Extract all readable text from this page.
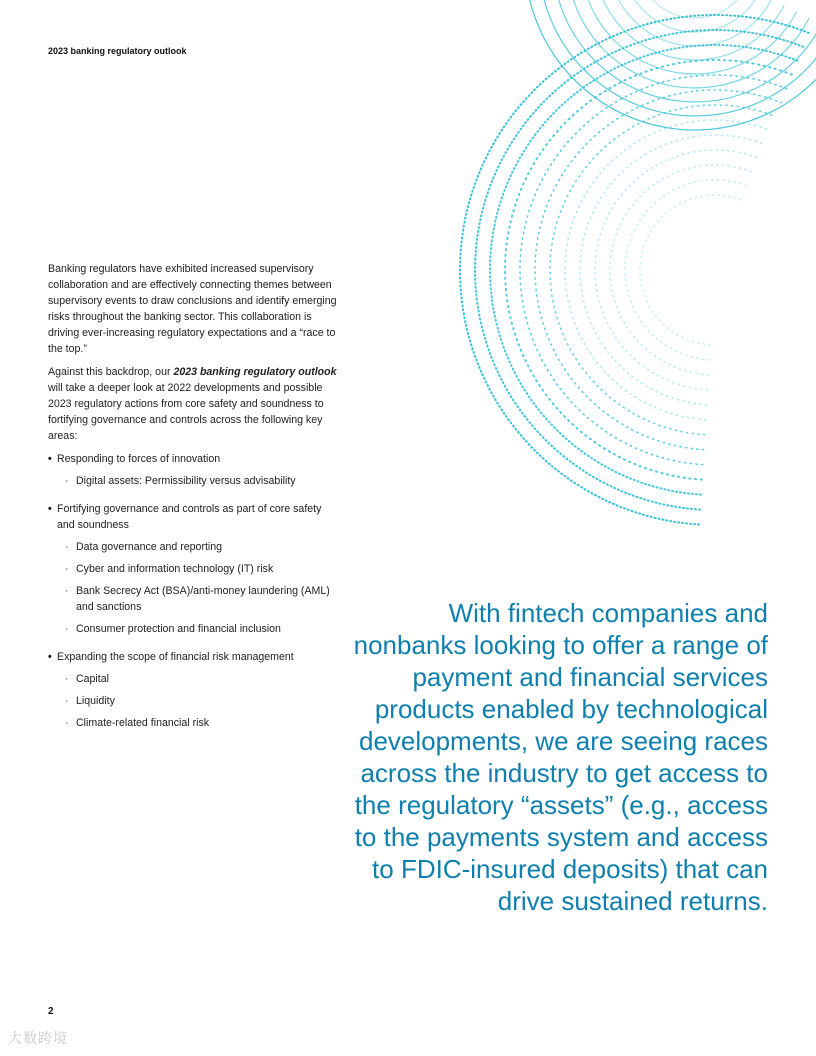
2023 banking regulatory outlook

Banking regulators have exhibited increased supervisory collaboration and are effectively connecting themes between supervisory events to draw conclusions and identify emerging risks throughout the banking sector. This collaboration is driving ever-increasing regulatory expectations and a “race to the top.”

Against this backdrop, our 2023 banking regulatory outlook will take a deeper look at 2022 developments and possible 2023 regulatory actions from core safety and soundness to fortifying governance and controls across the following key areas:

• Responding to forces of innovation
· Digital assets: Permissibility versus advisability
• Fortifying governance and controls as part of core safety and soundness
· Data governance and reporting
· Cyber and information technology (IT) risk
· Bank Secrecy Act (BSA)/anti-money laundering (AML) and sanctions
· Consumer protection and financial inclusion
• Expanding the scope of financial risk management
· Capital
· Liquidity
· Climate-related financial risk
With fintech companies and nonbanks looking to offer a range of payment and financial services products enabled by technological developments, we are seeing races across the industry to get access to the regulatory “assets” (e.g., access to the payments system and access to FDIC-insured deposits) that can drive sustained returns.
2
大数跨境
